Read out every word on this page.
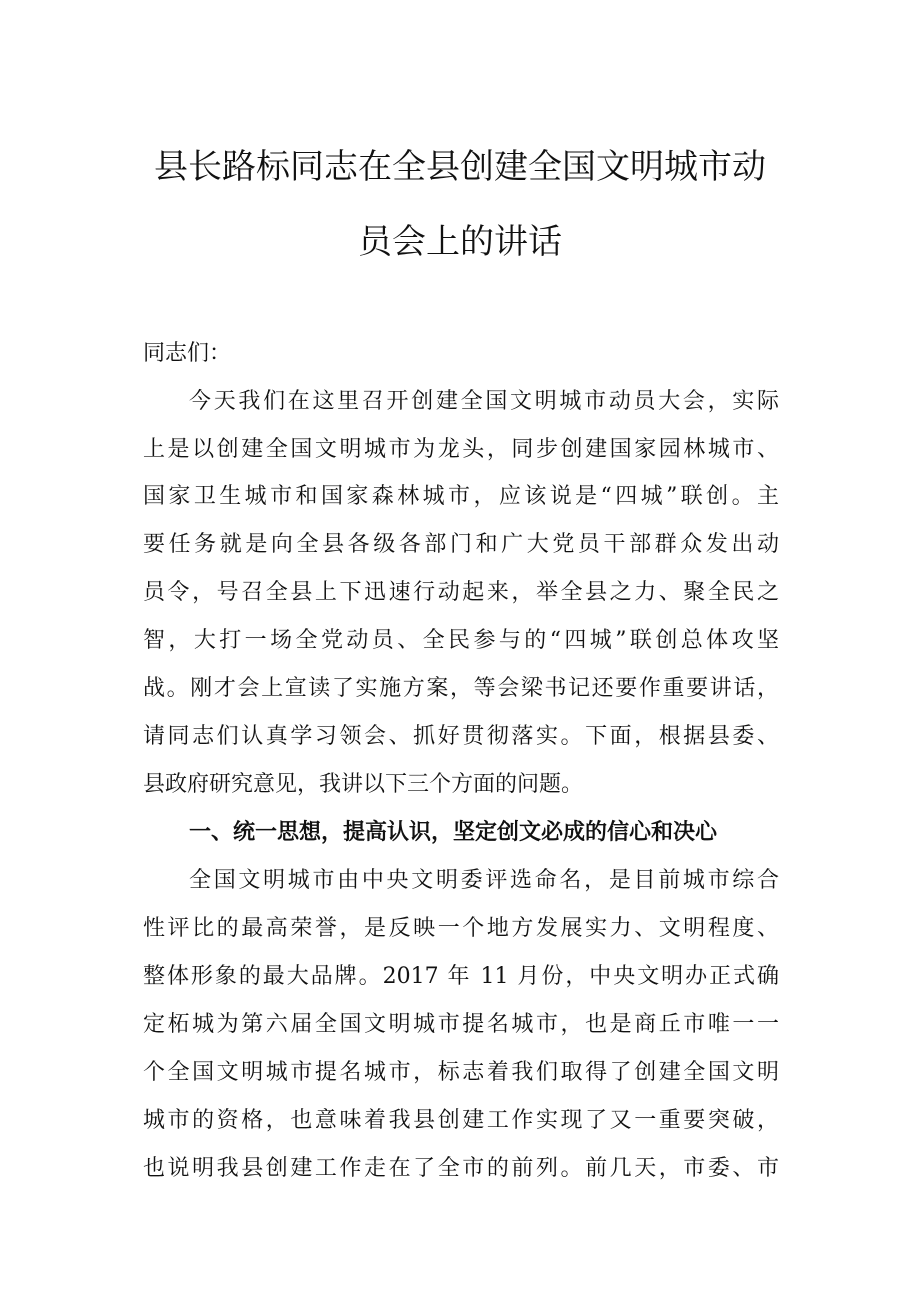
县长路标同志在全县创建全国文明城市动
员会上的讲话

同志们：

今天我们在这里召开创建全国文明城市动员大会，实际

上是以创建全国文明城市为龙头，同步创建国家园林城市、

国家卫生城市和国家森林城市，应该说是“四城”联创。主

要任务就是向全县各级各部门和广大党员干部群众发出动

员令，号召全县上下迅速行动起来，举全县之力、聚全民之

智，大打一场全党动员、全民参与的“四城”联创总体攻坚

战。刚才会上宣读了实施方案，等会梁书记还要作重要讲话，

请同志们认真学习领会、抓好贯彻落实。下面，根据县委、

县政府研究意见，我讲以下三个方面的问题。

一、统一思想，提高认识，坚定创文必成的信心和决心

全国文明城市由中央文明委评选命名，是目前城市综合

性评比的最高荣誉，是反映一个地方发展实力、文明程度、

整体形象的最大品牌。2017 年 11 月份，中央文明办正式确

定柘城为第六届全国文明城市提名城市，也是商丘市唯一一

个全国文明城市提名城市，标志着我们取得了创建全国文明

城市的资格，也意味着我县创建工作实现了又一重要突破，

也说明我县创建工作走在了全市的前列。前几天，市委、市
